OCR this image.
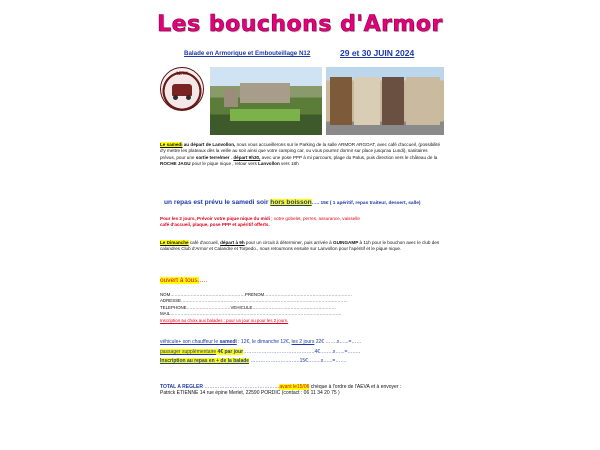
Les bouchons d'Armor
Balade en Armorique et Embouteillage N12	29 et 30 JUIN 2024
AEVA
Le samedi au départ de Lanvollon, nous vous accueillerons sur le Parking de la salle ARMOR ARGOAT, avec café d'accueil, (possibilité d'y mettre les plateaux dès la veille au soir ainsi que votre camping car, ou vous pourrez dormir sur place jusqu'au Lundi), sanitaires prévus, pour une sortie terre/mer . départ 9h30, avec une pose PPP à mi parcours, plage du Palus, puis direction vers le château de la ROCHE JAGU pour le pique nique , retour vers Lanvollon vers 18h
un repas est prévu le samedi soir hors boisson….. 15€ ( 1 apéritif, repas traiteur, dessert, salle)
Pour les 2 jours, Prévoir votre pique nique du midi ; votre gobelet, perres, assurance, vaisselle
café d'accueil, plaque, pose PPP et apéritif offerts.
Le Dimanche café d'accueil, départ à 9h pour un circuit à déterminer, puis arrivée à GUINGAMP à 11h pour le bouchon avec le club des calandres Club d'Armor et Calandre et Torpedo., nous retournons ensuite sur Lanvollon pour l'apéritif et le pique nique.
ouvert à tous.….
NOM……………………………………………PRENOM……………………………………………………
ADRESSE……………………………………………………………………………………………………
TELEPHONE…………………………VEHICULE…………………………………………………
MAIL………………………………………………………………………………………………………
Inscription au choix aux balades : pour un jour ou pour les 2 jours.
véhicule+ son chauffeur le samedi : 12€, le dimanche 12€, les 2 jours 22€ …….x…...=……
passager supplémentaire 4€ par jour…………………………………….4€……..x…...=……..
Inscription au repas en + de la balade …………………..…….15€……..x…...=…….
TOTAL A REGLER ………………………………………avant le15/06 chèque à l'ordre de l'AEVA et à envoyer :
Patrick ETIENNE 14 rue épine Merlet, 22590 PORDIC (contact : 06 11 34 20 75 )
